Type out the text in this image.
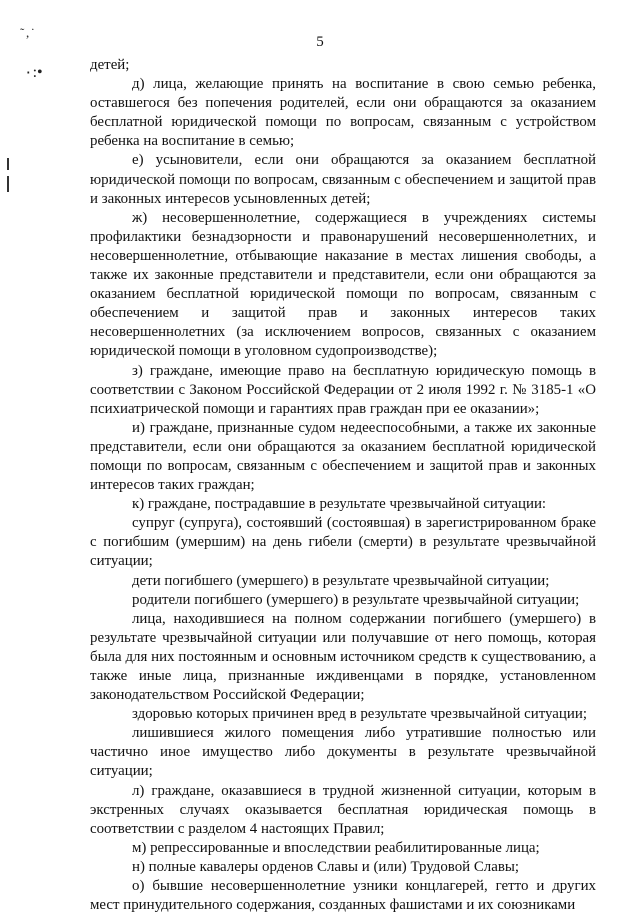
5
˜‚˙
٠:•	детей;

д) лица, желающие принять на воспитание в свою семью ребенка, оставшегося без попечения родителей, если они обращаются за оказанием бесплатной юридической помощи по вопросам, связанным с устройством ребенка на воспитание в семью;

е) усыновители, если они обращаются за оказанием бесплатной юридической помощи по вопросам, связанным с обеспечением и защитой прав и законных интересов усыновленных детей;

ж) несовершеннолетние, содержащиеся в учреждениях системы профилактики безнадзорности и правонарушений несовершеннолетних, и несовершеннолетние, отбывающие наказание в местах лишения свободы, а также их законные представители и представители, если они обращаются за оказанием бесплатной юридической помощи по вопросам, связанным с обеспечением и защитой прав и законных интересов таких несовершеннолетних (за исключением вопросов, связанных с оказанием юридической помощи в уголовном судопроизводстве);

з) граждане, имеющие право на бесплатную юридическую помощь в соответствии с Законом Российской Федерации от 2 июля 1992 г. № 3185-1 «О психиатрической помощи и гарантиях прав граждан при ее оказании»;

и) граждане, признанные судом недееспособными, а также их законные представители, если они обращаются за оказанием бесплатной юридической помощи по вопросам, связанным с обеспечением и защитой прав и законных интересов таких граждан;

к) граждане, пострадавшие в результате чрезвычайной ситуации:

супруг (супруга), состоявший (состоявшая) в зарегистрированном браке с погибшим (умершим) на день гибели (смерти) в результате чрезвычайной ситуации;

дети погибшего (умершего) в результате чрезвычайной ситуации;

родители погибшего (умершего) в результате чрезвычайной ситуации;

лица, находившиеся на полном содержании погибшего (умершего) в результате чрезвычайной ситуации или получавшие от него помощь, которая была для них постоянным и основным источником средств к существованию, а также иные лица, признанные иждивенцами в порядке, установленном законодательством Российской Федерации;

здоровью которых причинен вред в результате чрезвычайной ситуации;

лишившиеся жилого помещения либо утратившие полностью или частично иное имущество либо документы в результате чрезвычайной ситуации;

л) граждане, оказавшиеся в трудной жизненной ситуации, которым в экстренных случаях оказывается бесплатная юридическая помощь в соответствии с разделом 4 настоящих Правил;

м) репрессированные и впоследствии реабилитированные лица;

н) полные кавалеры орденов Славы и (или) Трудовой Славы;

о) бывшие несовершеннолетние узники концлагерей, гетто и других мест принудительного содержания, созданных фашистами и их союзниками
